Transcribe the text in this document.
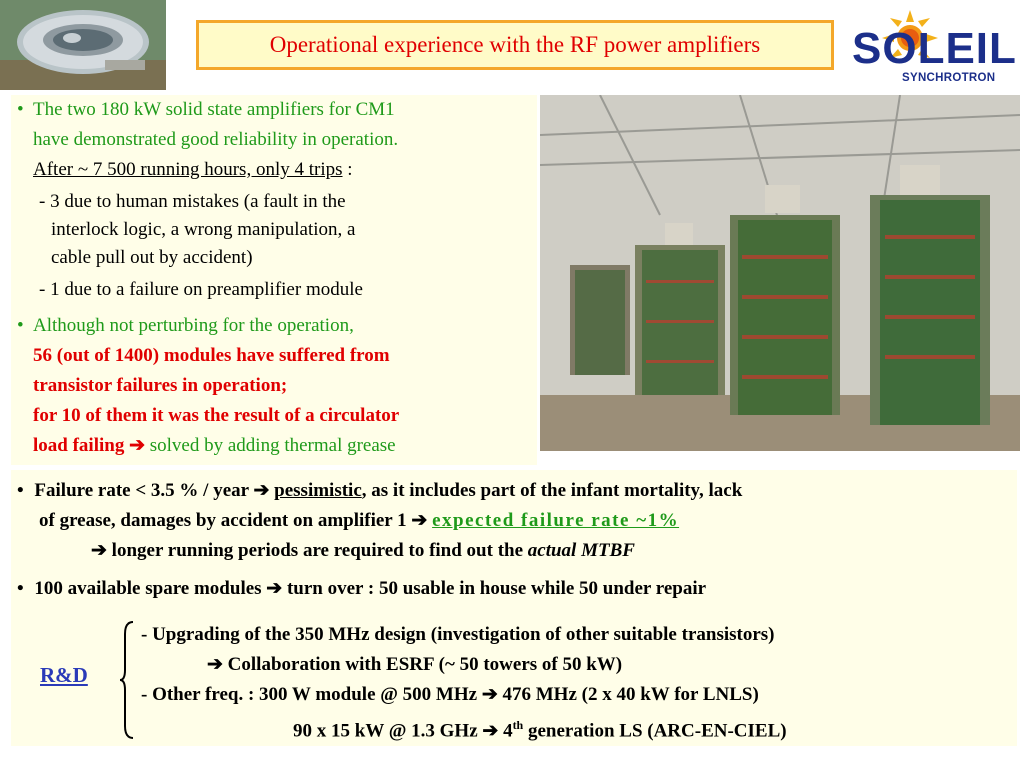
Operational experience with the RF power amplifiers SOLEIL
SYNCHROTRON
• The two 180 kW solid state amplifiers for CM1
have demonstrated good reliability in operation.
After ~ 7 500 running hours, only 4 trips :
- 3 due to human mistakes (a fault in the
interlock logic, a wrong manipulation, a
cable pull out by accident)
- 1 due to a failure on preamplifier module
• Although not perturbing for the operation,
56 (out of 1400) modules have suffered from
transistor failures in operation;
for 10 of them it was the result of a circulator
load failing ➔ solved by adding thermal grease
• Failure rate < 3.5 % / year ➔ pessimistic, as it includes part of the infant mortality, lack
of grease, damages by accident on amplifier 1 ➔ expected failure rate ~1%
➔ longer running periods are required to find out the actual MTBF
• 100 available spare modules ➔ turn over : 50 usable in house while 50 under repair
R&D
- Upgrading of the 350 MHz design (investigation of other suitable transistors)
➔ Collaboration with ESRF (~ 50 towers of 50 kW)
- Other freq. : 300 W module @ 500 MHz ➔ 476 MHz (2 x 40 kW for LNLS)
90 x 15 kW @ 1.3 GHz ➔ 4th generation LS (ARC-EN-CIEL)
